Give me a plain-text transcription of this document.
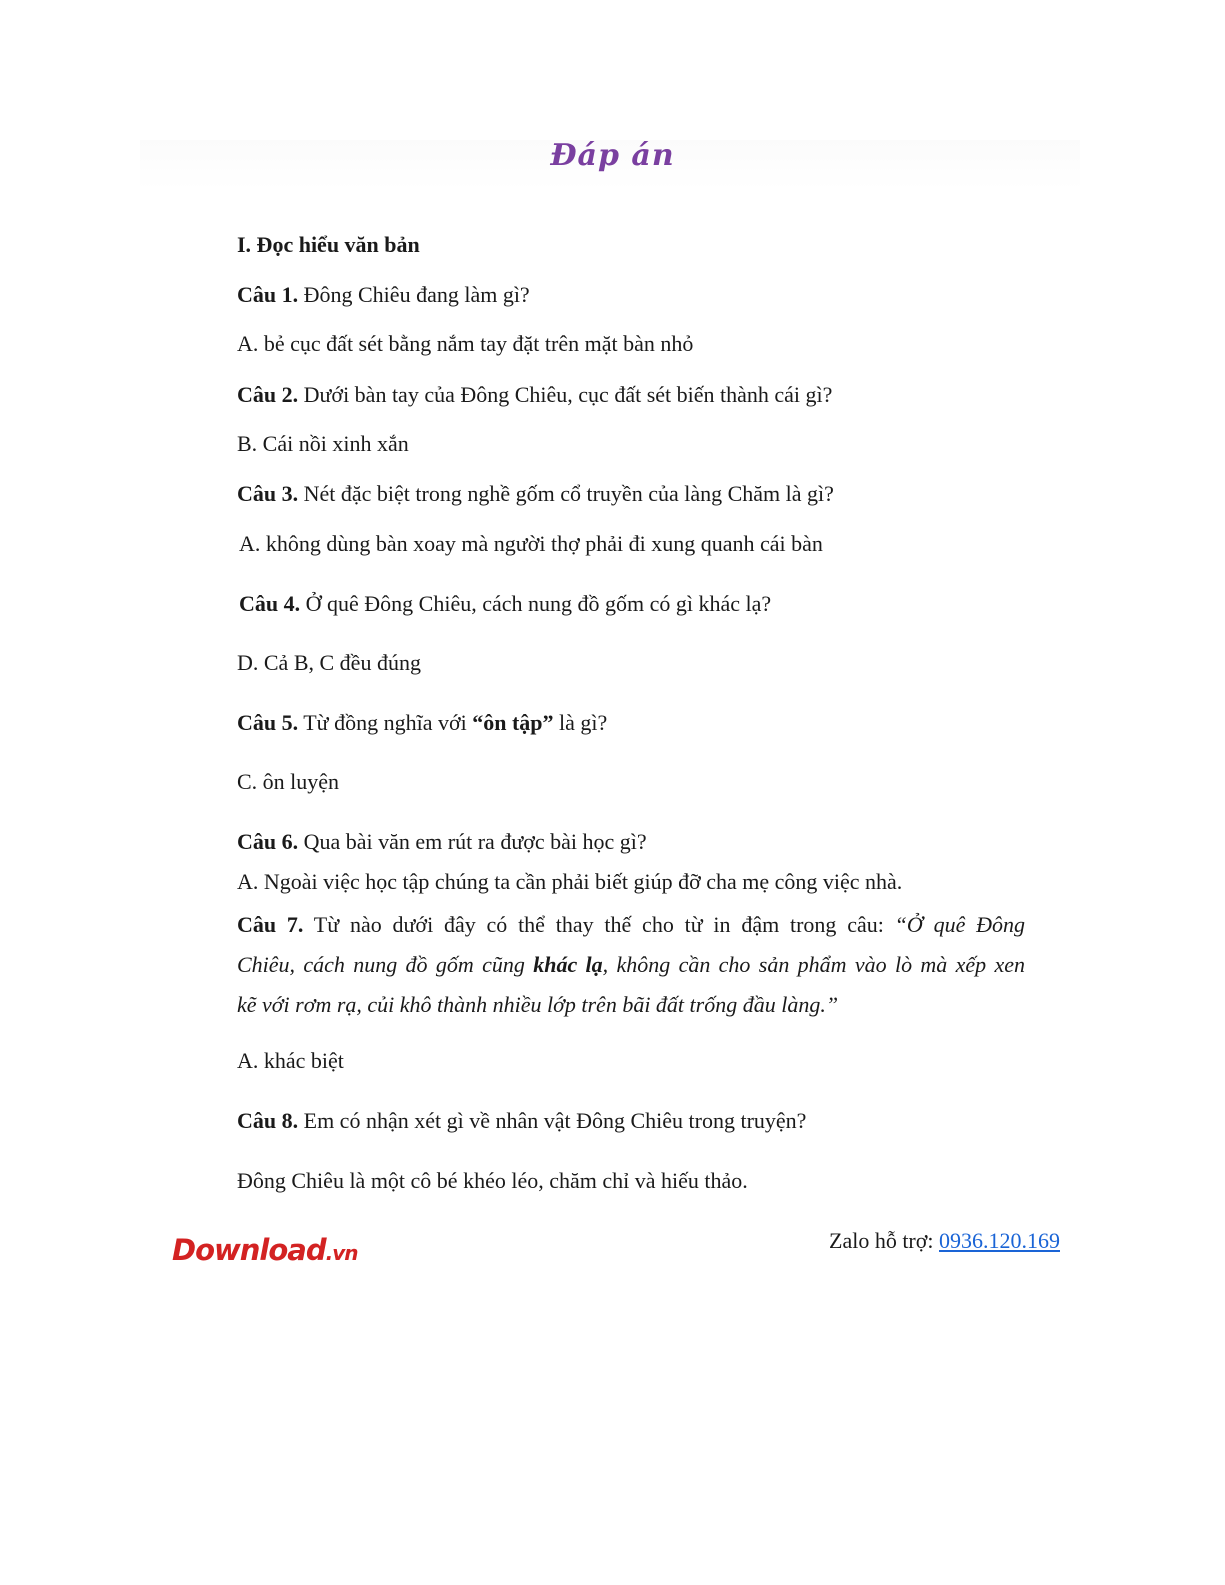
Đáp án
I. Đọc hiểu văn bản
Câu 1. Đông Chiêu đang làm gì?
A. bẻ cục đất sét bằng nắm tay đặt trên mặt bàn nhỏ
Câu 2. Dưới bàn tay của Đông Chiêu, cục đất sét biến thành cái gì?
B. Cái nồi xinh xắn
Câu 3. Nét đặc biệt trong nghề gốm cổ truyền của làng Chăm là gì?
A. không dùng bàn xoay mà người thợ phải đi xung quanh cái bàn
Câu 4. Ở quê Đông Chiêu, cách nung đồ gốm có gì khác lạ?
D. Cả B, C đều đúng
Câu 5. Từ đồng nghĩa với “ôn tập” là gì?
C. ôn luyện
Câu 6. Qua bài văn em rút ra được bài học gì?
A. Ngoài việc học tập chúng ta cần phải biết giúp đỡ cha mẹ công việc nhà.
Câu 7. Từ nào dưới đây có thể thay thế cho từ in đậm trong câu: “Ở quê Đông
Chiêu, cách nung đồ gốm cũng khác lạ, không cần cho sản phẩm vào lò mà xếp xen
kẽ với rơm rạ, củi khô thành nhiều lớp trên bãi đất trống đầu làng.”
A. khác biệt
Câu 8. Em có nhận xét gì về nhân vật Đông Chiêu trong truyện?
Đông Chiêu là một cô bé khéo léo, chăm chỉ và hiếu thảo.
Download.vn	Zalo hỗ trợ: 0936.120.169
